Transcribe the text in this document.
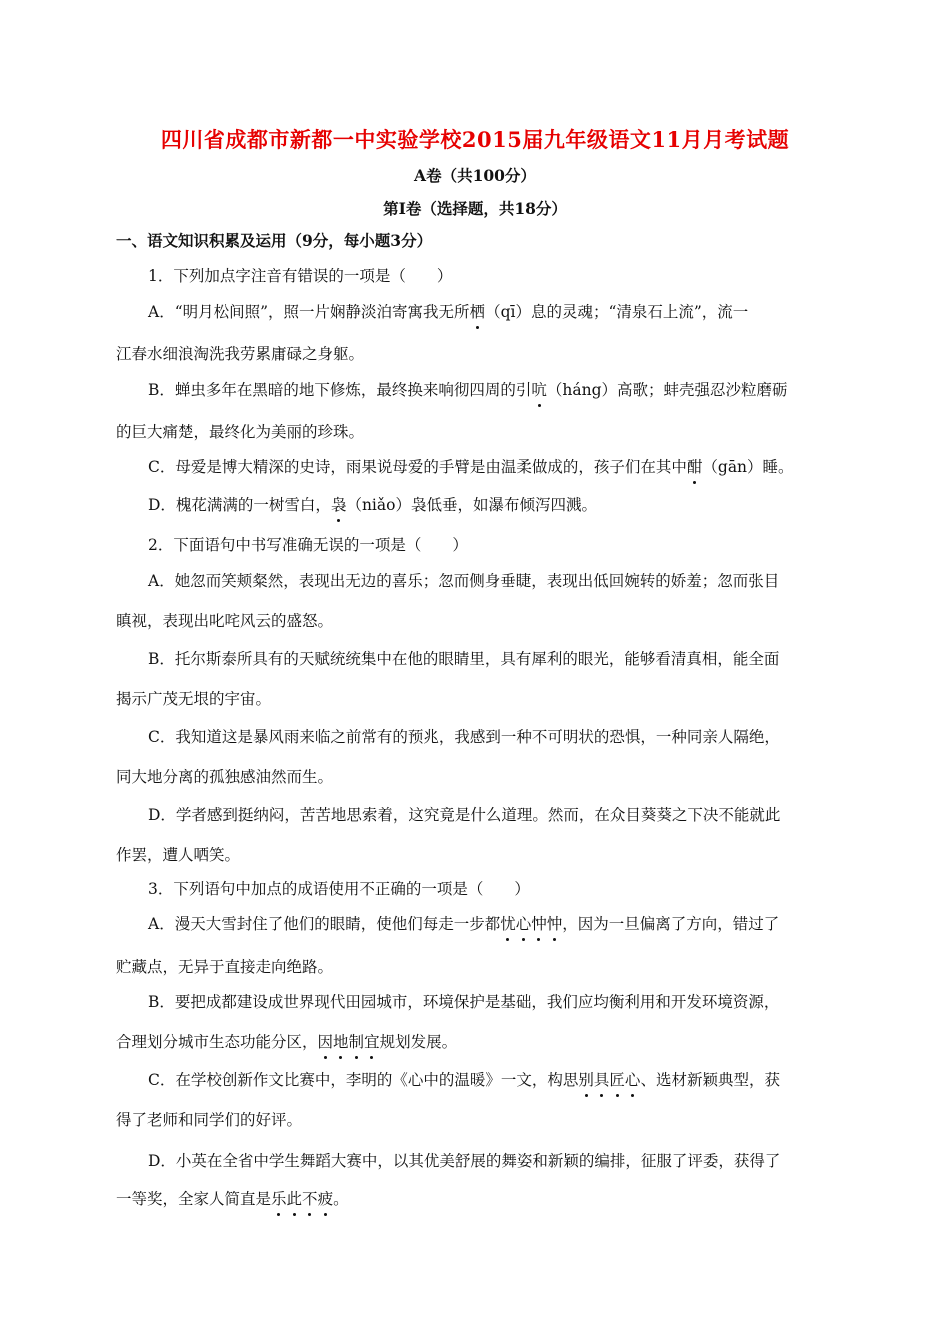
四川省成都市新都一中实验学校2015届九年级语文11月月考试题
A卷（共100分）
第Ⅰ卷（选择题，共18分）
一、语文知识积累及运用（9分，每小题3分）
1．下列加点字注音有错误的一项是（　　）
A．“明月松间照”，照一片娴静淡泊寄寓我无所栖（qī）息的灵魂；“清泉石上流”，流一
江春水细浪淘洗我劳累庸碌之身躯。
B．蝉虫多年在黑暗的地下修炼，最终换来响彻四周的引吭（háng）高歌；蚌壳强忍沙粒磨砺
的巨大痛楚，最终化为美丽的珍珠。
C．母爱是博大精深的史诗，雨果说母爱的手臂是由温柔做成的，孩子们在其中酣（gān）睡。
D．槐花满满的一树雪白，袅（niǎo）袅低垂，如瀑布倾泻四溅。
2．下面语句中书写准确无误的一项是（　　）
A．她忽而笑颊粲然，表现出无边的喜乐；忽而侧身垂睫，表现出低回婉转的娇羞；忽而张目
瞋视，表现出叱咤风云的盛怒。
B．托尔斯泰所具有的天赋统统集中在他的眼睛里，具有犀利的眼光，能够看清真相，能全面
揭示广茂无垠的宇宙。
C．我知道这是暴风雨来临之前常有的预兆，我感到一种不可明状的恐惧，一种同亲人隔绝，
同大地分离的孤独感油然而生。
D．学者感到挺纳闷，苦苦地思索着，这究竟是什么道理。然而，在众目葵葵之下决不能就此
作罢，遭人哂笑。
3．下列语句中加点的成语使用不正确的一项是（　　）
A．漫天大雪封住了他们的眼睛，使他们每走一步都忧心忡忡，因为一旦偏离了方向，错过了
贮藏点，无异于直接走向绝路。
B．要把成都建设成世界现代田园城市，环境保护是基础，我们应均衡利用和开发环境资源，
合理划分城市生态功能分区，因地制宜规划发展。
C．在学校创新作文比赛中，李明的《心中的温暖》一文，构思别具匠心、选材新颖典型，获
得了老师和同学们的好评。
D．小英在全省中学生舞蹈大赛中，以其优美舒展的舞姿和新颖的编排，征服了评委，获得了
一等奖，全家人简直是乐此不疲。
